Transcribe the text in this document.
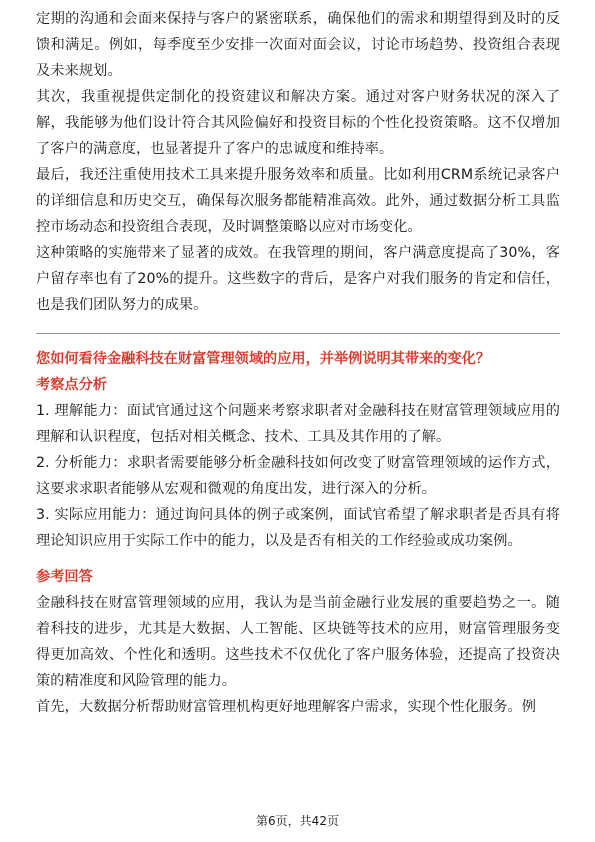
定期的沟通和会面来保持与客户的紧密联系，确保他们的需求和期望得到及时的反馈和满足。例如，每季度至少安排一次面对面会议，讨论市场趋势、投资组合表现及未来规划。

其次，我重视提供定制化的投资建议和解决方案。通过对客户财务状况的深入了解，我能够为他们设计符合其风险偏好和投资目标的个性化投资策略。这不仅增加了客户的满意度，也显著提升了客户的忠诚度和维持率。

最后，我还注重使用技术工具来提升服务效率和质量。比如利用CRM系统记录客户的详细信息和历史交互，确保每次服务都能精准高效。此外，通过数据分析工具监控市场动态和投资组合表现，及时调整策略以应对市场变化。

这种策略的实施带来了显著的成效。在我管理的期间，客户满意度提高了30%，客户留存率也有了20%的提升。这些数字的背后，是客户对我们服务的肯定和信任，也是我们团队努力的成果。

您如何看待金融科技在财富管理领域的应用，并举例说明其带来的变化？

考察点分析

1. 理解能力：面试官通过这个问题来考察求职者对金融科技在财富管理领域应用的理解和认识程度，包括对相关概念、技术、工具及其作用的了解。

2. 分析能力：求职者需要能够分析金融科技如何改变了财富管理领域的运作方式，这要求求职者能够从宏观和微观的角度出发，进行深入的分析。

3. 实际应用能力：通过询问具体的例子或案例，面试官希望了解求职者是否具有将理论知识应用于实际工作中的能力，以及是否有相关的工作经验或成功案例。

参考回答

金融科技在财富管理领域的应用，我认为是当前金融行业发展的重要趋势之一。随着科技的进步，尤其是大数据、人工智能、区块链等技术的应用，财富管理服务变得更加高效、个性化和透明。这些技术不仅优化了客户服务体验，还提高了投资决策的精准度和风险管理的能力。

首先，大数据分析帮助财富管理机构更好地理解客户需求，实现个性化服务。例

第6页，共42页
